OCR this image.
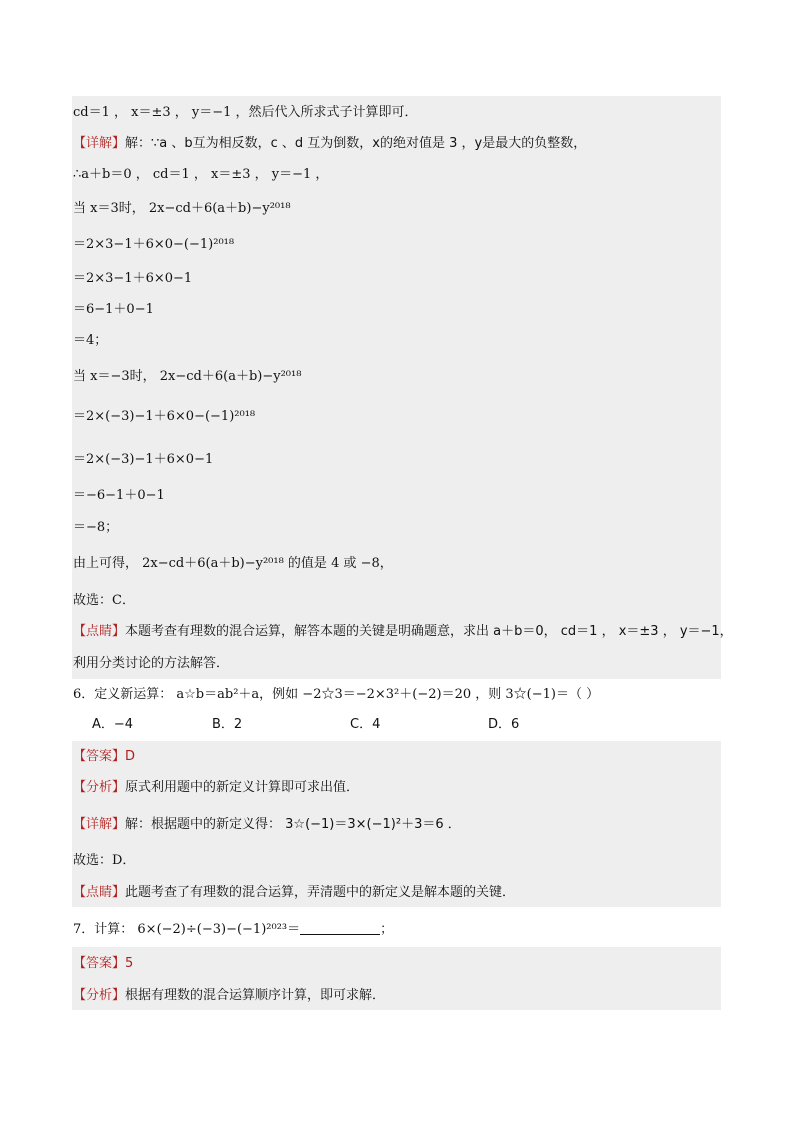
cd＝1 ， x＝±3 ， y＝−1 ，然后代入所求式子计算即可．
【详解】解：∵a 、b互为相反数，c 、d 互为倒数，x的绝对值是 3 ，y是最大的负整数，
∴a＋b＝0 ， cd＝1 ， x＝±3 ， y＝−1 ，
当 x＝3时， 2x−cd＋6(a＋b)−y²⁰¹⁸
＝2×3−1＋6×0−(−1)²⁰¹⁸
＝2×3−1＋6×0−1
＝6−1＋0−1
＝4；
当 x＝−3时， 2x−cd＋6(a＋b)−y²⁰¹⁸
＝2×(−3)−1＋6×0−(−1)²⁰¹⁸
＝2×(−3)−1＋6×0−1
＝−6−1＋0−1
＝−8；
由上可得， 2x−cd＋6(a＋b)−y²⁰¹⁸ 的值是 4 或 −8，
故选：C．
【点睛】本题考查有理数的混合运算，解答本题的关键是明确题意，求出 a＋b＝0， cd＝1 ， x＝±3 ， y＝−1，
利用分类讨论的方法解答．
6．定义新运算： a☆b＝ab²＋a，例如 −2☆3＝−2×3²＋(−2)＝20 ，则 3☆(−1)＝（ ）
A．−4	B．2	C．4	D．6
【答案】D
【分析】原式利用题中的新定义计算即可求出值．
【详解】解：根据题中的新定义得： 3☆(−1)＝3×(−1)²＋3＝6 ．
故选：D．
【点睛】此题考查了有理数的混合运算，弄清题中的新定义是解本题的关键．
7．计算： 6×(−2)÷(−3)−(−1)²⁰²³＝	；
【答案】5
【分析】根据有理数的混合运算顺序计算，即可求解．
